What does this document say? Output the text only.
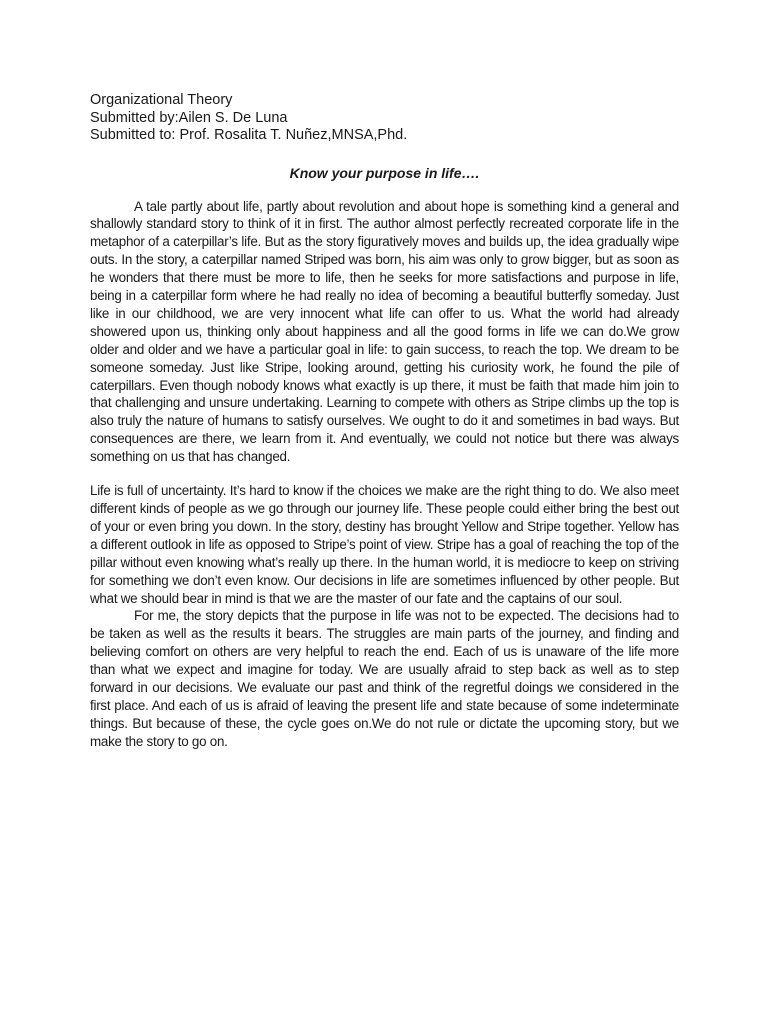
Organizational Theory

Submitted by:Ailen S. De Luna

Submitted to: Prof. Rosalita T. Nuñez,MNSA,Phd.

Know your purpose in life….

A tale partly about life, partly about revolution and about hope is something kind a general and shallowly standard story to think of it in first. The author almost perfectly recreated corporate life in the metaphor of a caterpillar’s life. But as the story figuratively moves and builds up, the idea gradually wipe outs. In the story, a caterpillar named Striped was born, his aim was only to grow bigger, but as soon as he wonders that there must be more to life, then he seeks for more satisfactions and purpose in life, being in a caterpillar form where he had really no idea of becoming a beautiful butterfly someday. Just like in our childhood, we are very innocent what life can offer to us. What the world had already showered upon us, thinking only about happiness and all the good forms in life we can do.We grow older and older and we have a particular goal in life: to gain success, to reach the top. We dream to be someone someday. Just like Stripe, looking around, getting his curiosity work, he found the pile of caterpillars. Even though nobody knows what exactly is up there, it must be faith that made him join to that challenging and unsure undertaking. Learning to compete with others as Stripe climbs up the top is also truly the nature of humans to satisfy ourselves. We ought to do it and sometimes in bad ways. But consequences are there, we learn from it. And eventually, we could not notice but there was always something on us that has changed.

Life is full of uncertainty. It’s hard to know if the choices we make are the right thing to do. We also meet different kinds of people as we go through our journey life. These people could either bring the best out of your or even bring you down. In the story, destiny has brought Yellow and Stripe together. Yellow has a different outlook in life as opposed to Stripe’s point of view. Stripe has a goal of reaching the top of the pillar without even knowing what’s really up there. In the human world, it is mediocre to keep on striving for something we don’t even know. Our decisions in life are sometimes influenced by other people. But what we should bear in mind is that we are the master of our fate and the captains of our soul.

For me, the story depicts that the purpose in life was not to be expected. The decisions had to be taken as well as the results it bears. The struggles are main parts of the journey, and finding and believing comfort on others are very helpful to reach the end. Each of us is unaware of the life more than what we expect and imagine for today. We are usually afraid to step back as well as to step forward in our decisions. We evaluate our past and think of the regretful doings we considered in the first place. And each of us is afraid of leaving the present life and state because of some indeterminate things. But because of these, the cycle goes on.We do not rule or dictate the upcoming story, but we make the story to go on.
